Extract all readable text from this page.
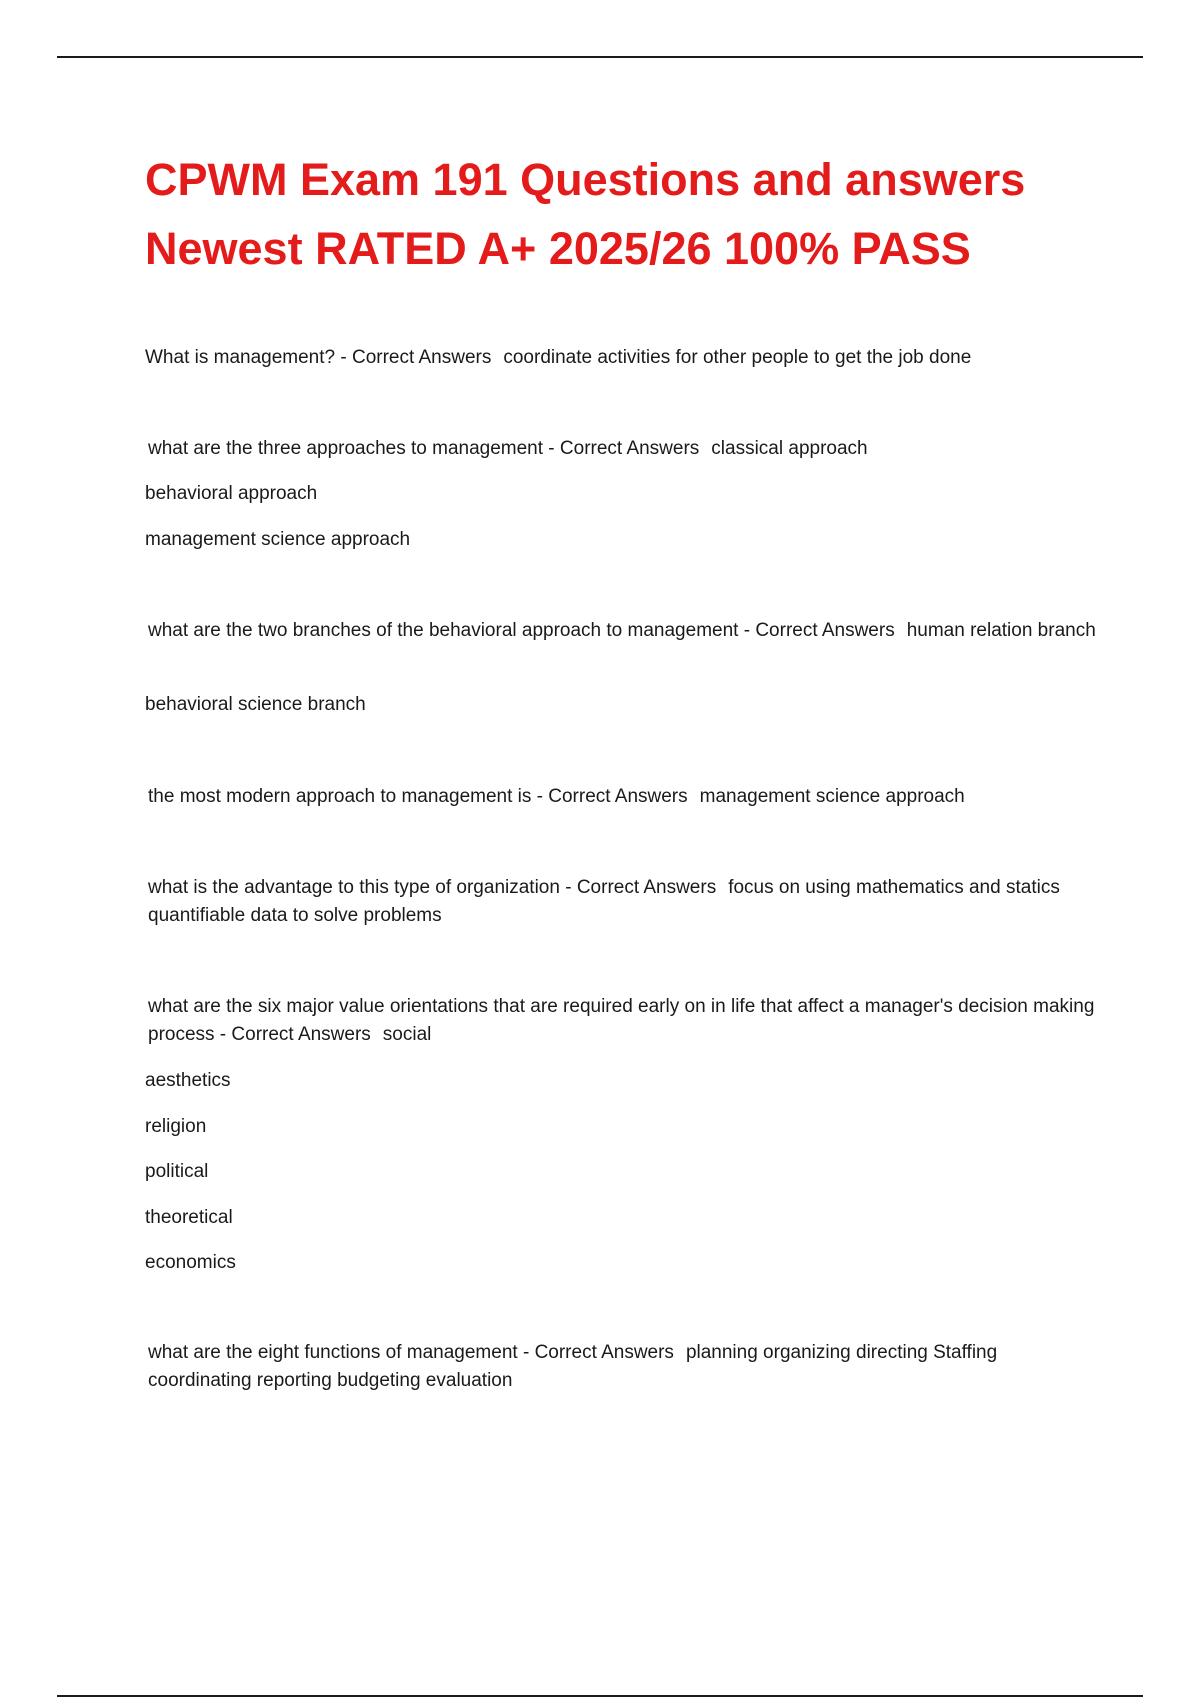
CPWM Exam 191 Questions and answers
Newest RATED A+ 2025/26 100% PASS

What is management? - Correct Answers coordinate activities for other people to get the job done

what are the three approaches to management - Correct Answers classical approach

behavioral approach

management science approach

what are the two branches of the behavioral approach to management - Correct Answers human relation branch

behavioral science branch

the most modern approach to management is - Correct Answers management science approach

what is the advantage to this type of organization - Correct Answers focus on using mathematics and statics quantifiable data to solve problems

what are the six major value orientations that are required early on in life that affect a manager's decision making process - Correct Answers social

aesthetics

religion

political

theoretical

economics

what are the eight functions of management - Correct Answers planning organizing directing Staffing coordinating reporting budgeting evaluation
